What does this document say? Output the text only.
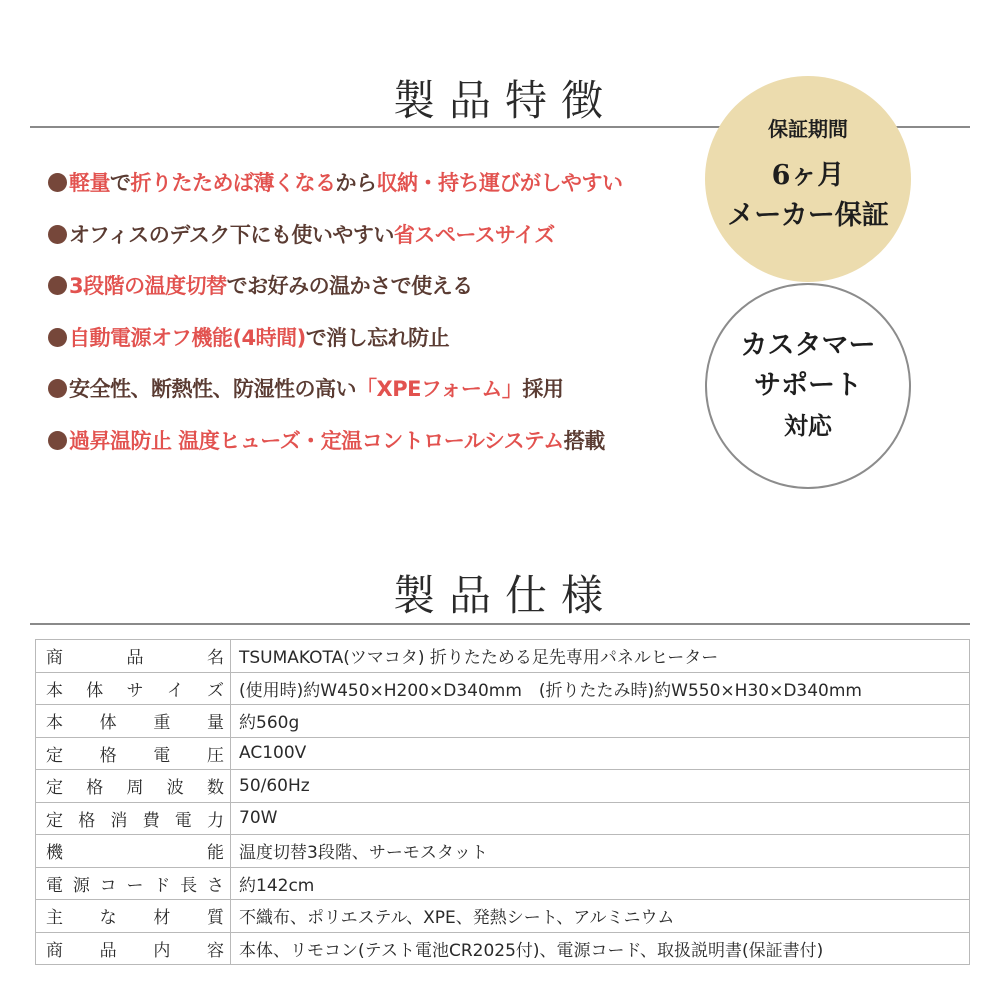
製品特徴
軽量で折りたためば薄くなるから収納・持ち運びがしやすい
オフィスのデスク下にも使いやすい省スペースサイズ
3段階の温度切替でお好みの温かさで使える
自動電源オフ機能(4時間)で消し忘れ防止
安全性、断熱性、防湿性の高い「XPEフォーム」採用
過昇温防止 温度ヒューズ・定温コントロールシステム搭載
保証期間
6ヶ月
メーカー保証
カスタマー
サポート
対応
製品仕様
商 品 名	TSUMAKOTA(ツマコタ) 折りたためる足先専用パネルヒーター

本 体 サ イ ズ	(使用時)約W450×H200×D340mm　(折りたたみ時)約W550×H30×D340mm

本 体 重 量	約560g

定 格 電 圧	AC100V

定 格 周 波 数	50/60Hz

定 格 消 費 電 力	70W

機 能	温度切替3段階、サーモスタット

電 源 コ ー ド 長 さ	約142cm

主 な 材 質	不織布、ポリエステル、XPE、発熱シート、アルミニウム

商 品 内 容	本体、リモコン(テスト電池CR2025付)、電源コード、取扱説明書(保証書付)
